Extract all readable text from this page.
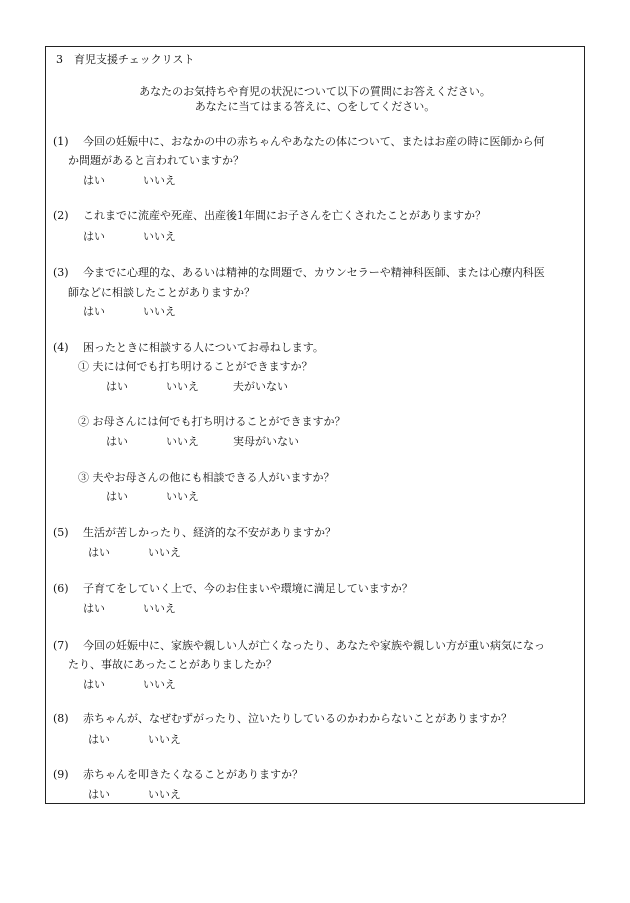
3　育児支援チェックリスト
あなたのお気持ちや育児の状況について以下の質問にお答えください。
あなたに当てはまる答えに、○をしてください。
(1) 今回の妊娠中に、おなかの中の赤ちゃんやあなたの体について、またはお産の時に医師から何
か問題があると言われていますか？
はい	いいえ
(2) これまでに流産や死産、出産後1年間にお子さんを亡くされたことがありますか？
はい	いいえ
(3) 今までに心理的な、あるいは精神的な問題で、カウンセラーや精神科医師、または心療内科医
師などに相談したことがありますか？
はい	いいえ
(4) 困ったときに相談する人についてお尋ねします。
① 夫には何でも打ち明けることができますか？
はい	いいえ	夫がいない
② お母さんには何でも打ち明けることができますか？
はい	いいえ	実母がいない
③ 夫やお母さんの他にも相談できる人がいますか？
はい	いいえ
(5) 生活が苦しかったり、経済的な不安がありますか？
はい	いいえ
(6) 子育てをしていく上で、今のお住まいや環境に満足していますか？
はい	いいえ
(7) 今回の妊娠中に、家族や親しい人が亡くなったり、あなたや家族や親しい方が重い病気になっ
たり、事故にあったことがありましたか？
はい	いいえ
(8) 赤ちゃんが、なぜむずがったり、泣いたりしているのかわからないことがありますか？
はい	いいえ
(9) 赤ちゃんを叩きたくなることがありますか？
はい	いいえ
